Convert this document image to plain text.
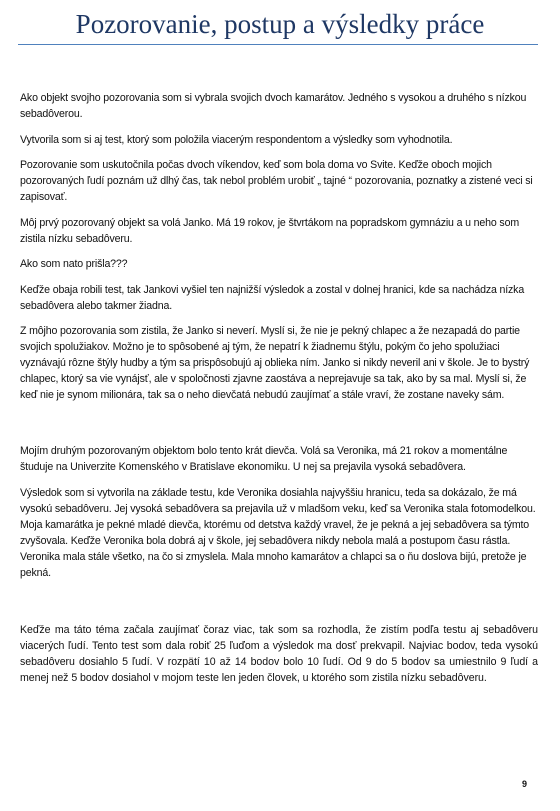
Pozorovanie, postup a výsledky práce

Ako objekt svojho pozorovania som si vybrala svojich dvoch kamarátov. Jedného s vysokou a druhého s nízkou sebadôverou.

Vytvorila som si aj test, ktorý som položila viacerým respondentom a výsledky som vyhodnotila.

Pozorovanie som uskutočnila počas dvoch víkendov, keď som bola doma vo Svite. Keďže oboch mojich pozorovaných ľudí poznám už dlhý čas, tak nebol problém urobiť „ tajné “ pozorovania, poznatky a zistené veci si zapisovať.

Môj prvý pozorovaný objekt sa volá Janko. Má 19 rokov, je štvrtákom na popradskom gymnáziu a u neho som zistila nízku sebadôveru.

Ako som nato prišla???

Keďže obaja robili test, tak Jankovi vyšiel ten najnižší výsledok a zostal v dolnej hranici, kde sa nachádza nízka sebadôvera alebo takmer žiadna.

Z môjho pozorovania som zistila, že Janko si neverí. Myslí si, že nie je pekný chlapec a že nezapadá do partie svojich spolužiakov. Možno je to spôsobené aj tým, že nepatrí k žiadnemu štýlu, pokým čo jeho spolužiaci vyznávajú rôzne štýly hudby a tým sa prispôsobujú aj oblieka ním. Janko si nikdy neveril ani v škole. Je to bystrý chlapec, ktorý sa vie vynájsť, ale v spoločnosti zjavne zaostáva a neprejavuje sa tak, ako by sa mal. Myslí si, že keď nie je synom milionára, tak sa o neho dievčatá nebudú zaujímať a stále vraví, že zostane naveky sám.

Mojím druhým pozorovaným objektom bolo tento krát dievča. Volá sa Veronika, má 21 rokov a momentálne študuje na Univerzite Komenského v Bratislave ekonomiku. U nej sa prejavila vysoká sebadôvera.

Výsledok som si vytvorila na základe testu, kde Veronika dosiahla najvyššiu hranicu, teda sa dokázalo, že má vysokú sebadôveru. Jej vysoká sebadôvera sa prejavila už v mladšom veku, keď sa Veronika stala fotomodelkou. Moja kamarátka je pekné mladé dievča, ktorému od detstva každý vravel, že je pekná a jej sebadôvera sa týmto zvyšovala. Keďže Veronika bola dobrá aj v škole, jej sebadôvera nikdy nebola malá a postupom času rástla. Veronika mala stále všetko, na čo si zmyslela. Mala mnoho kamarátov a chlapci sa o ňu doslova bijú, pretože je pekná.

Keďže ma táto téma začala zaujímať čoraz viac, tak som sa rozhodla, že zistím podľa testu aj sebadôveru viacerých ľudí. Tento test som dala robiť 25 ľuďom a výsledok ma dosť prekvapil. Najviac bodov, teda vysokú sebadôveru dosiahlo 5 ľudí. V rozpätí 10 až 14 bodov bolo 10 ľudí. Od 9 do 5 bodov sa umiestnilo 9 ľudí a menej než 5 bodov dosiahol v mojom teste len jeden človek, u ktorého som zistila nízku sebadôveru.

9
